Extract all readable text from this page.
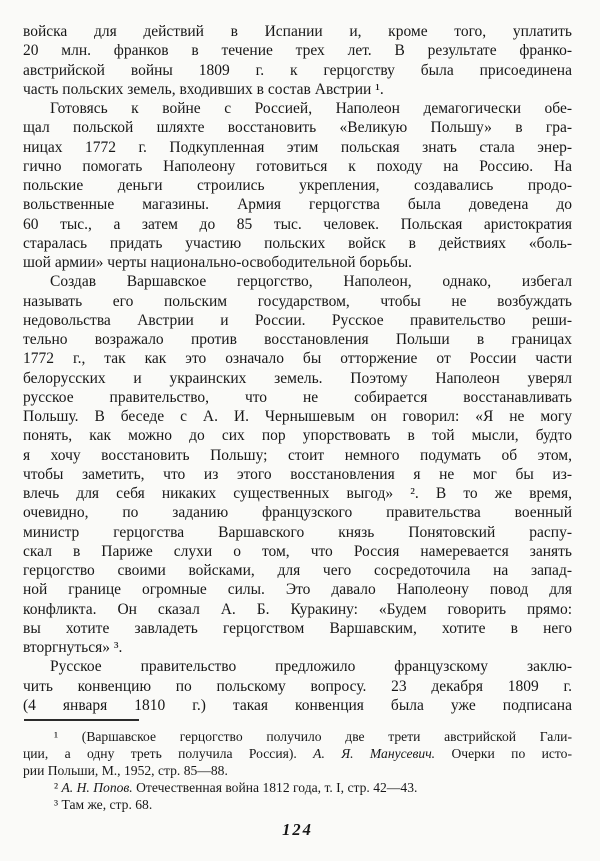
войска для действий в Испании и, кроме того, уплатить
20 млн. франков в течение трех лет. В результате франко-
австрийской войны 1809 г. к герцогству была присоединена
часть польских земель, входивших в состав Австрии ¹.
Готовясь к войне с Россией, Наполеон демагогически обе-
щал польской шляхте восстановить «Великую Польшу» в гра-
ницах 1772 г. Подкупленная этим польская знать стала энер-
гично помогать Наполеону готовиться к походу на Россию. На
польские деньги строились укрепления, создавались продо-
вольственные магазины. Армия герцогства была доведена до
60 тыс., а затем до 85 тыс. человек. Польская аристократия
старалась придать участию польских войск в действиях «боль-
шой армии» черты национально-освободительной борьбы.
Создав Варшавское герцогство, Наполеон, однако, избегал
называть его польским государством, чтобы не возбуждать
недовольства Австрии и России. Русское правительство реши-
тельно возражало против восстановления Польши в границах
1772 г., так как это означало бы отторжение от России части
белорусских и украинских земель. Поэтому Наполеон уверял
русское правительство, что не собирается восстанавливать
Польшу. В беседе с А. И. Чернышевым он говорил: «Я не могу
понять, как можно до сих пор упорствовать в той мысли, будто
я хочу восстановить Польшу; стоит немного подумать об этом,
чтобы заметить, что из этого восстановления я не мог бы из-
влечь для себя никаких существенных выгод» ². В то же время,
очевидно, по заданию французского правительства военный
министр герцогства Варшавского князь Понятовский распу-
скал в Париже слухи о том, что Россия намеревается занять
герцогство своими войсками, для чего сосредоточила на запад-
ной границе огромные силы. Это давало Наполеону повод для
конфликта. Он сказал А. Б. Куракину: «Будем говорить прямо:
вы хотите завладеть герцогством Варшавским, хотите в него
вторгнуться» ³.
Русское правительство предложило французскому заклю-
чить конвенцию по польскому вопросу. 23 декабря 1809 г.
(4 января 1810 г.) такая конвенция была уже подписана
¹ (Варшавское герцогство получило две трети австрийской Гали-
ции, а одну треть получила Россия). А. Я. Манусевич. Очерки по исто-
рии Польши, М., 1952, стр. 85—88.
² А. Н. Попов. Отечественная война 1812 года, т. I, стр. 42—43.
³ Там же, стр. 68.
124
